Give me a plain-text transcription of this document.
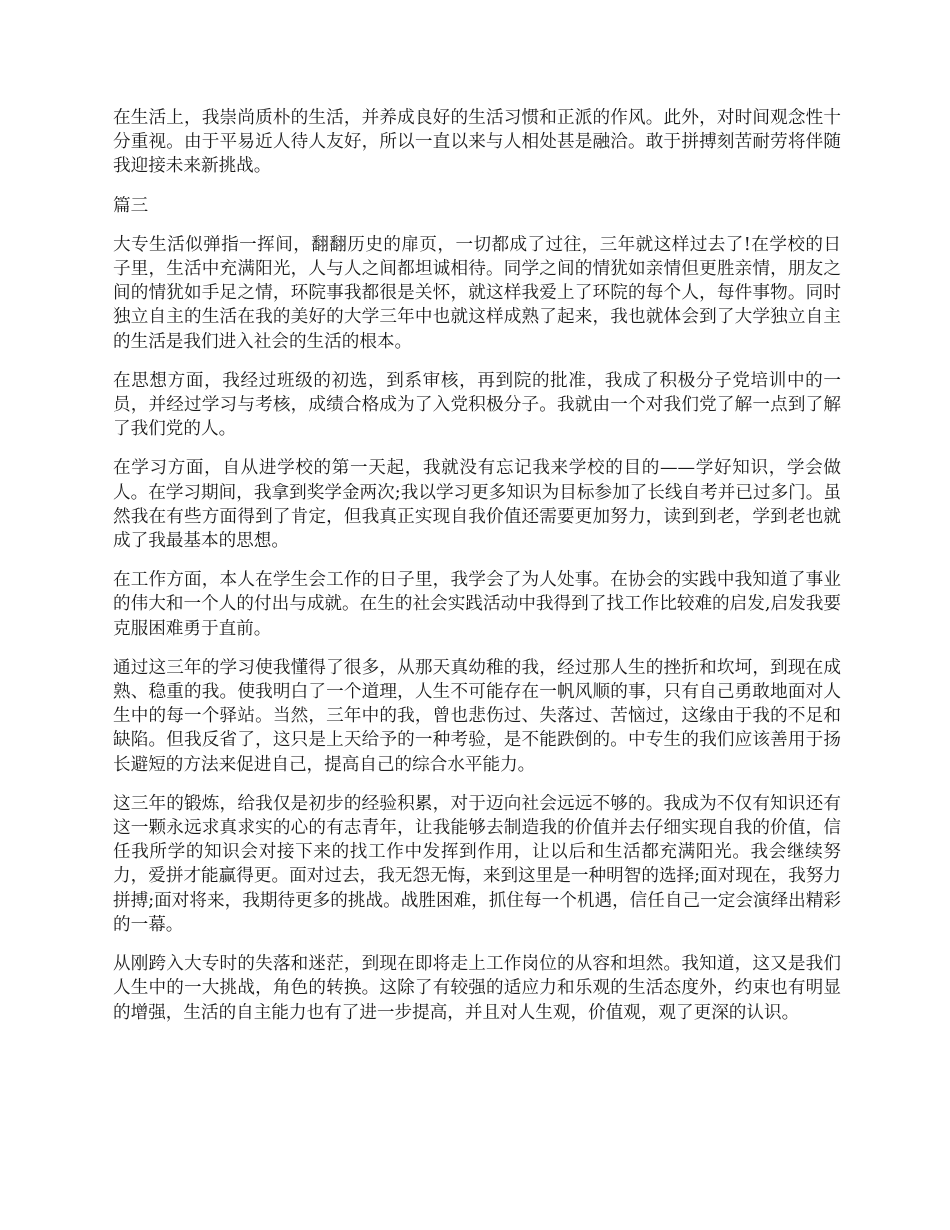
在生活上，我崇尚质朴的生活，并养成良好的生活习惯和正派的作风。此外，对时间观念性十分重视。由于平易近人待人友好，所以一直以来与人相处甚是融洽。敢于拼搏刻苦耐劳将伴随我迎接未来新挑战。

篇三

大专生活似弹指一挥间，翻翻历史的扉页，一切都成了过往，三年就这样过去了!在学校的日子里，生活中充满阳光，人与人之间都坦诚相待。同学之间的情犹如亲情但更胜亲情，朋友之间的情犹如手足之情，环院事我都很是关怀，就这样我爱上了环院的每个人，每件事物。同时独立自主的生活在我的美好的大学三年中也就这样成熟了起来，我也就体会到了大学独立自主的生活是我们进入社会的生活的根本。

在思想方面，我经过班级的初选，到系审核，再到院的批准，我成了积极分子党培训中的一员，并经过学习与考核，成绩合格成为了入党积极分子。我就由一个对我们党了解一点到了解了我们党的人。

在学习方面，自从进学校的第一天起，我就没有忘记我来学校的目的——学好知识，学会做人。在学习期间，我拿到奖学金两次;我以学习更多知识为目标参加了长线自考并已过多门。虽然我在有些方面得到了肯定，但我真正实现自我价值还需要更加努力，读到到老，学到老也就成了我最基本的思想。

在工作方面，本人在学生会工作的日子里，我学会了为人处事。在协会的实践中我知道了事业的伟大和一个人的付出与成就。在生的社会实践活动中我得到了找工作比较难的启发,启发我要克服困难勇于直前。

通过这三年的学习使我懂得了很多，从那天真幼稚的我，经过那人生的挫折和坎坷，到现在成熟、稳重的我。使我明白了一个道理，人生不可能存在一帆风顺的事，只有自己勇敢地面对人生中的每一个驿站。当然，三年中的我，曾也悲伤过、失落过、苦恼过，这缘由于我的不足和缺陷。但我反省了，这只是上天给予的一种考验，是不能跌倒的。中专生的我们应该善用于扬长避短的方法来促进自己，提高自己的综合水平能力。

这三年的锻炼，给我仅是初步的经验积累，对于迈向社会远远不够的。我成为不仅有知识还有这一颗永远求真求实的心的有志青年，让我能够去制造我的价值并去仔细实现自我的价值，信任我所学的知识会对接下来的找工作中发挥到作用，让以后和生活都充满阳光。我会继续努力，爱拼才能赢得更。面对过去，我无怨无悔，来到这里是一种明智的选择;面对现在，我努力拼搏;面对将来，我期待更多的挑战。战胜困难，抓住每一个机遇，信任自己一定会演绎出精彩的一幕。

从刚跨入大专时的失落和迷茫，到现在即将走上工作岗位的从容和坦然。我知道，这又是我们人生中的一大挑战，角色的转换。这除了有较强的适应力和乐观的生活态度外，约束也有明显的增强，生活的自主能力也有了进一步提高，并且对人生观，价值观，观了更深的认识。
